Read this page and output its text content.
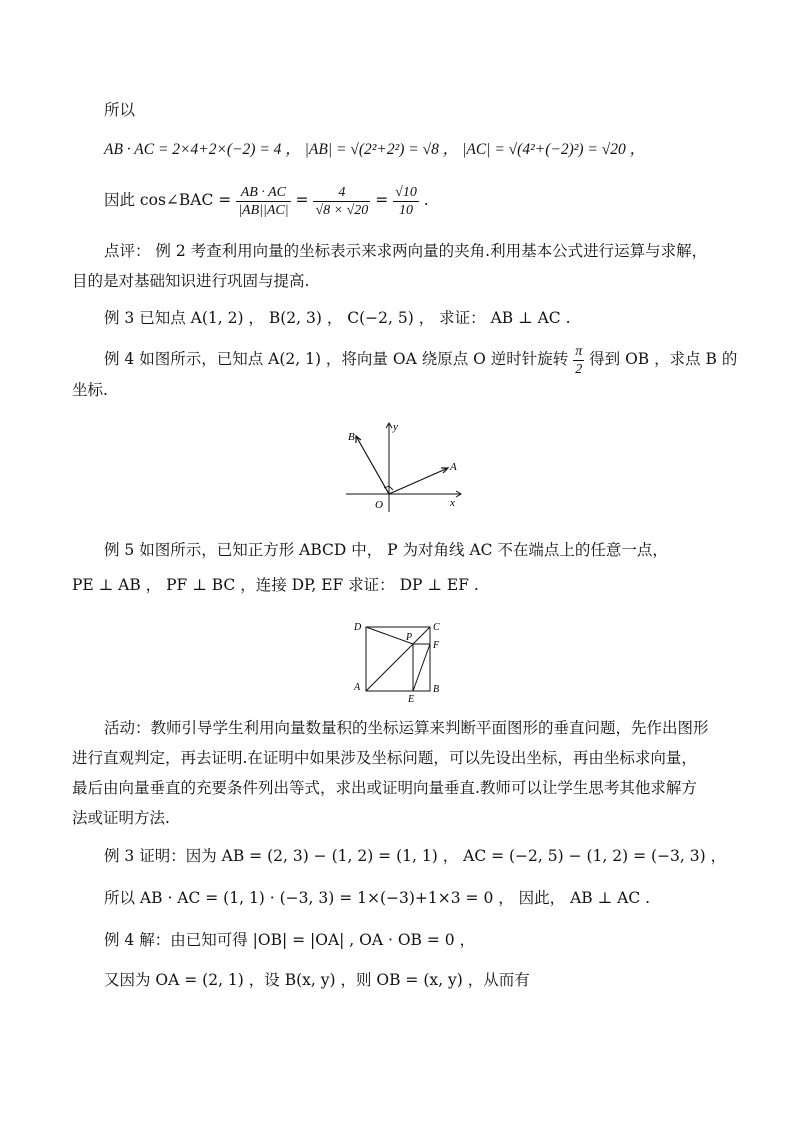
所以
AB · AC = 2×4+2×(−2) = 4 ， |AB| = √(2²+2²) = √8 ， |AC| = √(4²+(−2)²) = √20 ，
因此 cos∠BAC = $\frac{AB \cdot AC}{|AB||AC|} = \frac{4}{√8 \times √20} = \frac{√10}{10}$ .
点评： 例 2 考查利用向量的坐标表示来求两向量的夹角.利用基本公式进行运算与求解，
目的是对基础知识进行巩固与提高.
例 3 已知点 A(1, 2) ， B(2, 3) ， C(−2, 5) ， 求证： AB ⊥ AC .
例 4 如图所示，已知点 A(2, 1) ，将向量 OA 绕原点 O 逆时针旋转 $\frac{\pi}{2}$ 得到 OB ，求点 B 的
坐标.
B
y
A
O	x
例 5 如图所示，已知正方形 ABCD 中， P 为对角线 AC 不在端点上的任意一点，
PE ⊥ AB ， PF ⊥ BC ，连接 DP, EF 求证： DP ⊥ EF .
D	C
P
F
A
E
B
活动：教师引导学生利用向量数量积的坐标运算来判断平面图形的垂直问题，先作出图形
进行直观判定，再去证明.在证明中如果涉及坐标问题，可以先设出坐标，再由坐标求向量，
最后由向量垂直的充要条件列出等式，求出或证明向量垂直.教师可以让学生思考其他求解方
法或证明方法.
例 3 证明：因为 AB = (2, 3) − (1, 2) = (1, 1) ， AC = (−2, 5) − (1, 2) = (−3, 3) ，
所以 AB · AC = (1, 1) · (−3, 3) = 1×(−3)+1×3 = 0 ， 因此， AB ⊥ AC .
例 4 解：由已知可得 |OB| = |OA| , OA · OB = 0 ，
又因为 OA = (2, 1) ，设 B(x, y) ，则 OB = (x, y) ，从而有
